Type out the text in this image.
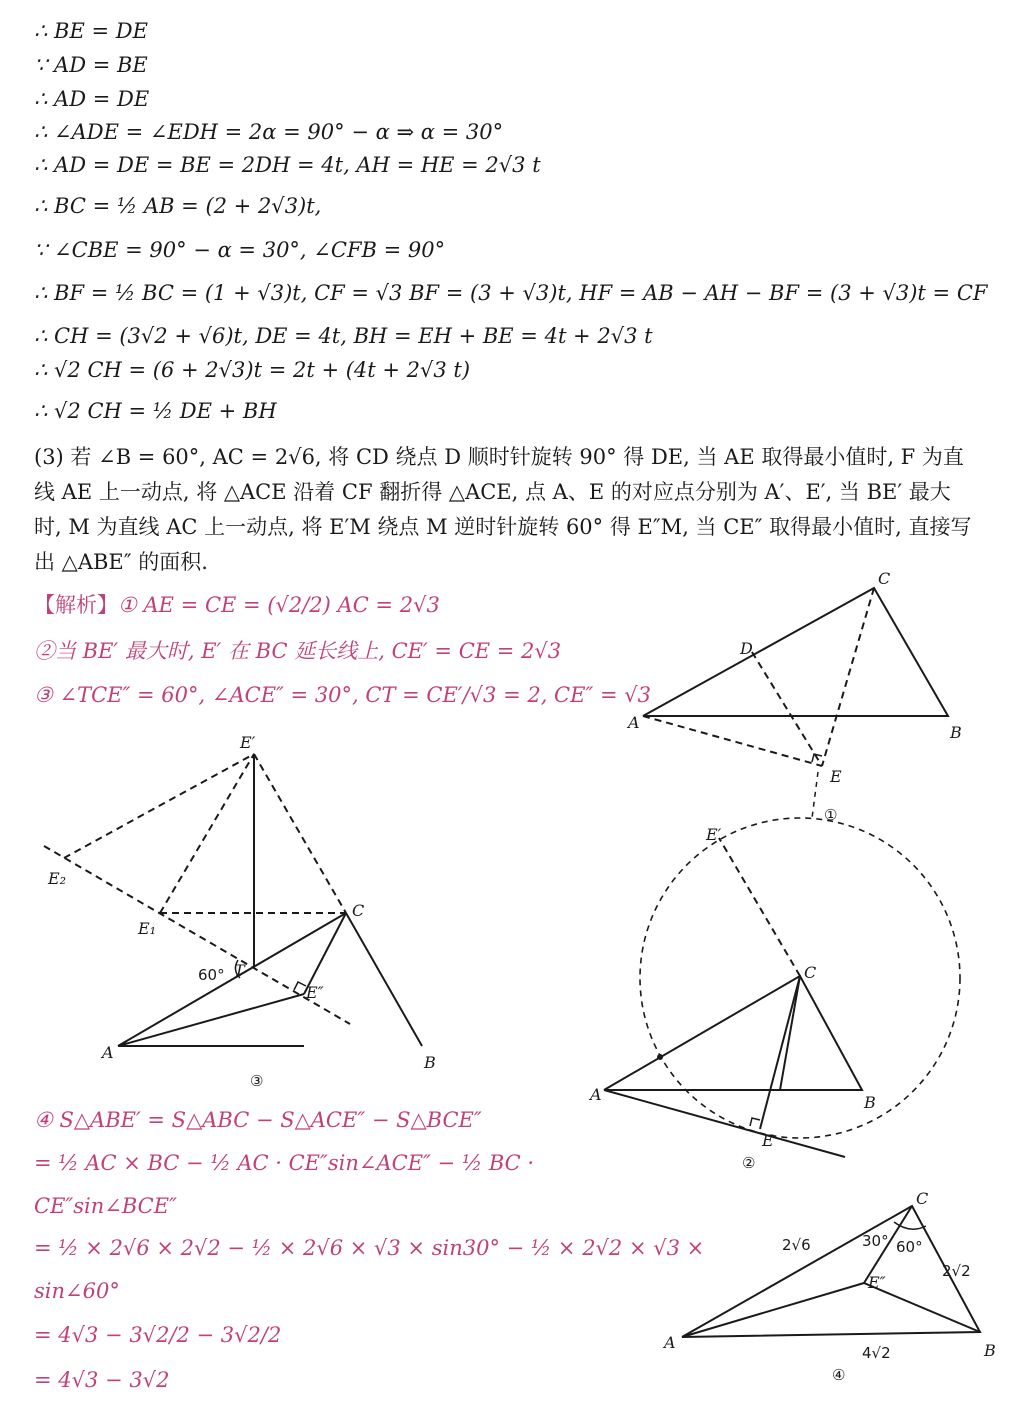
∴ BE = DE
∵ AD = BE
∴ AD = DE
∴ ∠ADE = ∠EDH = 2α = 90° − α ⇒ α = 30°
∴ AD = DE = BE = 2DH = 4t, AH = HE = 2√3 t
∴ BC = ½ AB = (2 + 2√3)t,
∵ ∠CBE = 90° − α = 30°, ∠CFB = 90°
∴ BF = ½ BC = (1 + √3)t, CF = √3 BF = (3 + √3)t, HF = AB − AH − BF = (3 + √3)t = CF
∴ CH = (3√2 + √6)t, DE = 4t, BH = EH + BE = 4t + 2√3 t
∴ √2 CH = (6 + 2√3)t = 2t + (4t + 2√3 t)
∴ √2 CH = ½ DE + BH
(3) 若 ∠B = 60°, AC = 2√6, 将 CD 绕点 D 顺时针旋转 90° 得 DE, 当 AE 取得最小值时, F 为直线 AE 上一动点, 将 △ACE 沿着 CF 翻折得 △ACE, 点 A、E 的对应点分别为 A′、E′, 当 BE′ 最大时, M 为直线 AC 上一动点, 将 E′M 绕点 M 逆时针旋转 60° 得 E″M, 当 CE″ 取得最小值时, 直接写出 △ABE″ 的面积.
【解析】① AE = CE = (√2/2) AC = 2√3
②当 BE′ 最大时, E′ 在 BC 延长线上, CE′ = CE = 2√3
③ ∠TCE″ = 60°, ∠ACE″ = 30°, CT = CE′/√3 = 2, CE″ = √3
④ S△ABE′ = S△ABC − S△ACE″ − S△BCE″
= ½ AC × BC − ½ AC · CE″sin∠ACE″ − ½ BC ·
CE″sin∠BCE″
= ½ × 2√6 × 2√2 − ½ × 2√6 × √3 × sin30° − ½ × 2√2 × √3 ×
sin∠60°
= 4√3 − 3√2/2 − 3√2/2
= 4√3 − 3√2
A
B
C
D
E
①
A	B
C
E
E′
②
E′
E₂
E₁
C
T
60°
E″
A
B
③
C
A	B
E″
2√6
2√2
4√2
30° 60°
④
